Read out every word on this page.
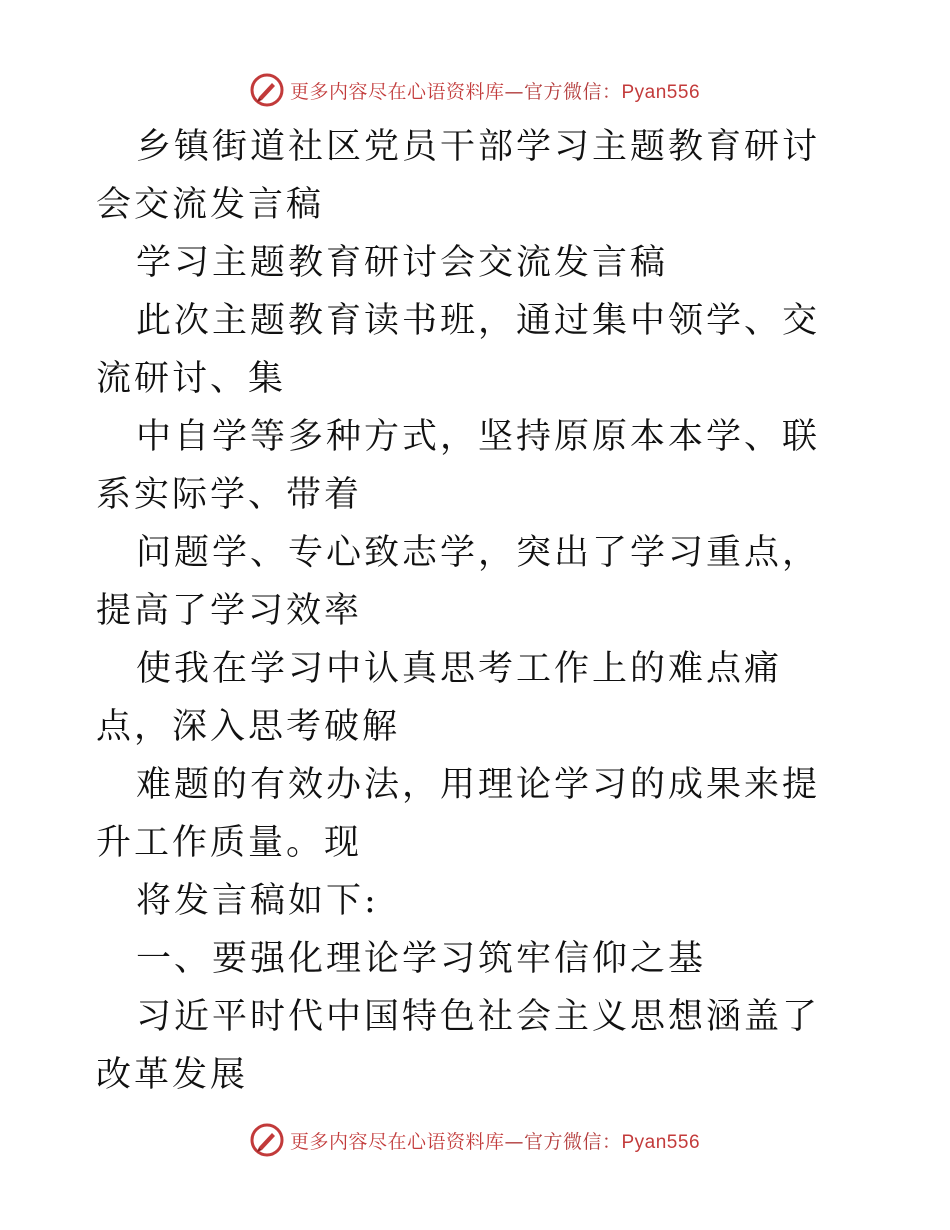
更多内容尽在心语资料库—官方微信：Pyan556

乡镇街道社区党员干部学习主题教育研讨会交流发言稿

学习主题教育研讨会交流发言稿

此次主题教育读书班，通过集中领学、交流研讨、集

中自学等多种方式，坚持原原本本学、联系实际学、带着

问题学、专心致志学，突出了学习重点，提高了学习效率

使我在学习中认真思考工作上的难点痛点，深入思考破解

难题的有效办法，用理论学习的成果来提升工作质量。现

将发言稿如下:

一、要强化理论学习筑牢信仰之基

习近平时代中国特色社会主义思想涵盖了改革发展

更多内容尽在心语资料库—官方微信：Pyan556
